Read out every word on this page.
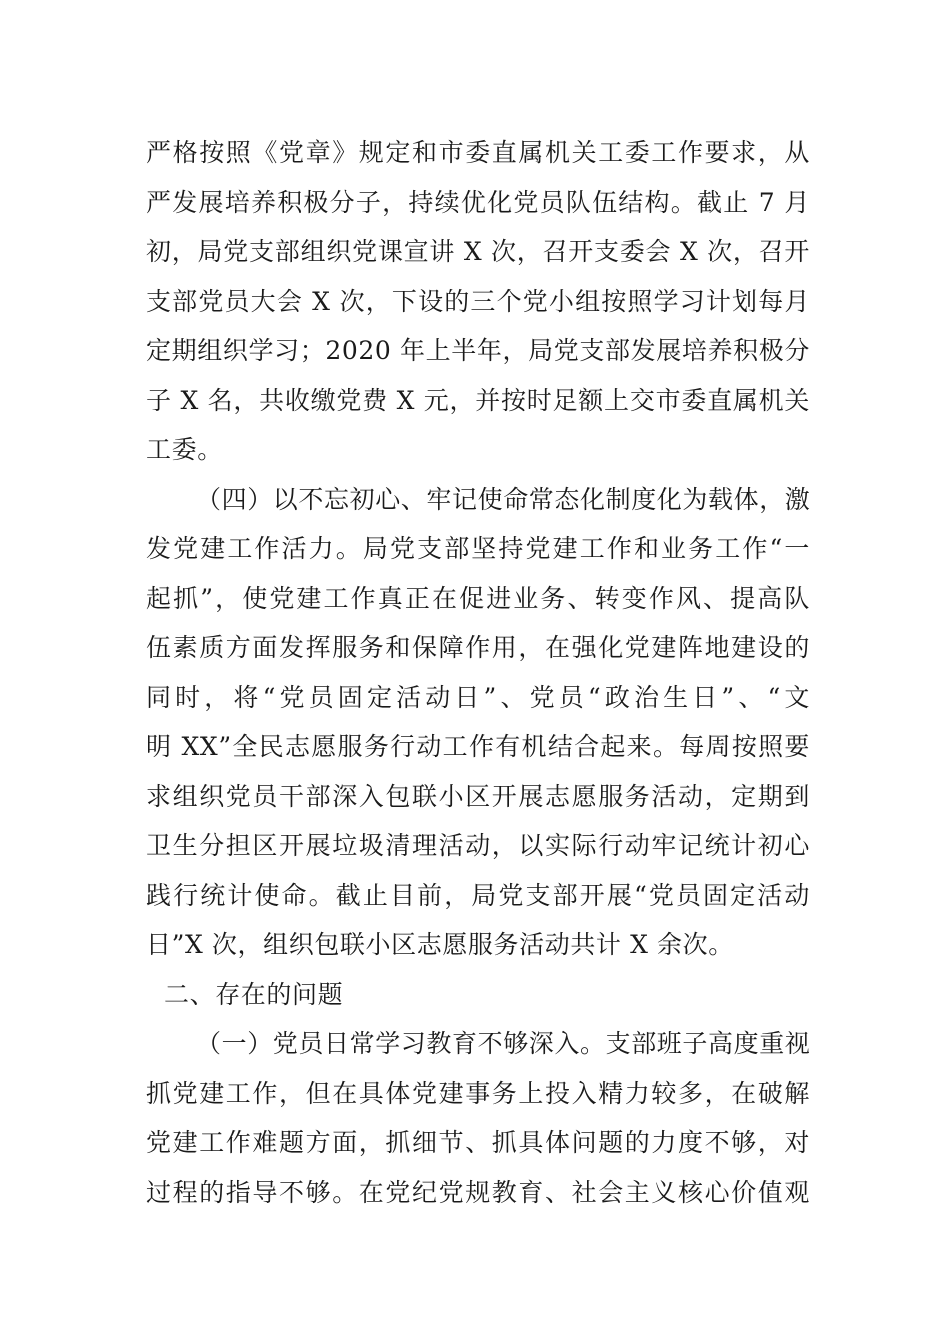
严格按照《党章》规定和市委直属机关工委工作要求，从
严发展培养积极分子，持续优化党员队伍结构。截止 7 月
初，局党支部组织党课宣讲 X 次，召开支委会 X 次，召开
支部党员大会 X 次，下设的三个党小组按照学习计划每月
定期组织学习；2020 年上半年，局党支部发展培养积极分
子 X 名，共收缴党费 X 元，并按时足额上交市委直属机关
工委。
（四）以不忘初心、牢记使命常态化制度化为载体，激
发党建工作活力。局党支部坚持党建工作和业务工作“一
起抓”，使党建工作真正在促进业务、转变作风、提高队
伍素质方面发挥服务和保障作用，在强化党建阵地建设的
同时，将“党员固定活动日”、党员“政治生日”、“文
明 XX”全民志愿服务行动工作有机结合起来。每周按照要
求组织党员干部深入包联小区开展志愿服务活动，定期到
卫生分担区开展垃圾清理活动，以实际行动牢记统计初心
践行统计使命。截止目前，局党支部开展“党员固定活动
日”X 次，组织包联小区志愿服务活动共计 X 余次。
二、存在的问题
（一）党员日常学习教育不够深入。支部班子高度重视
抓党建工作，但在具体党建事务上投入精力较多，在破解
党建工作难题方面，抓细节、抓具体问题的力度不够，对
过程的指导不够。在党纪党规教育、社会主义核心价值观
